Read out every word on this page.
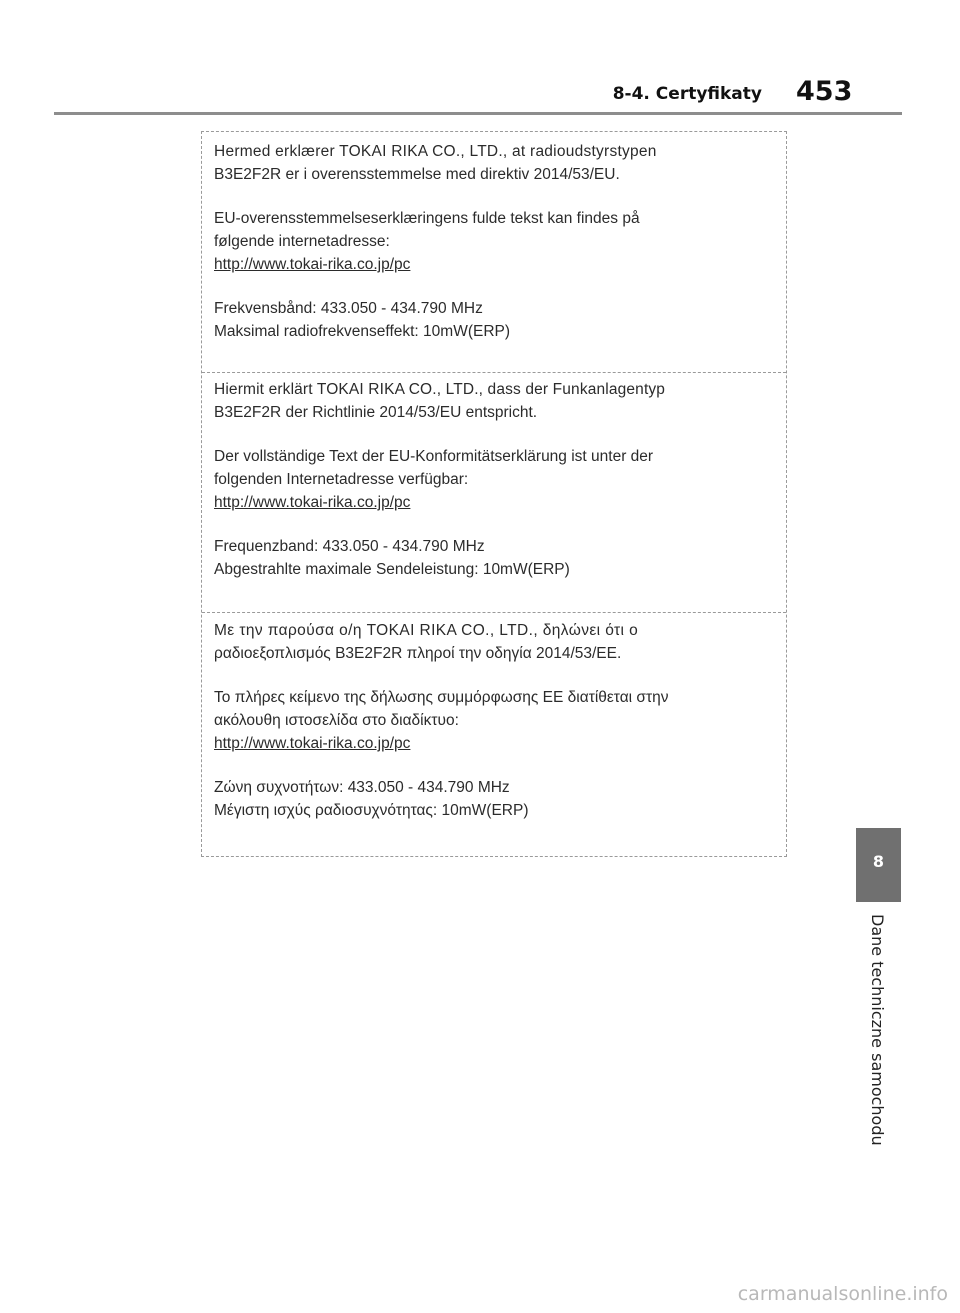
8-4. Certyfikaty 453
Hermed erklærer TOKAI RIKA CO., LTD., at radioudstyrstypen
B3E2F2R er i overensstemmelse med direktiv 2014/53/EU.
EU-overensstemmelseserklæringens fulde tekst kan findes på
følgende internetadresse:
http://www.tokai-rika.co.jp/pc
Frekvensbånd: 433.050 - 434.790 MHz
Maksimal radiofrekvenseffekt: 10mW(ERP)
Hiermit erklärt TOKAI RIKA CO., LTD., dass der Funkanlagentyp
B3E2F2R der Richtlinie 2014/53/EU entspricht.
Der vollständige Text der EU-Konformitätserklärung ist unter der
folgenden Internetadresse verfügbar:
http://www.tokai-rika.co.jp/pc
Frequenzband: 433.050 - 434.790 MHz
Abgestrahlte maximale Sendeleistung: 10mW(ERP)
Με την παρούσα ο/η TOKAI RIKA CO., LTD., δηλώνει ότι ο
ραδιοεξοπλισμός B3E2F2R πληροί την οδηγία 2014/53/ΕΕ.
Το πλήρες κείμενο της δήλωσης συμμόρφωσης ΕΕ διατίθεται στην
ακόλουθη ιστοσελίδα στο διαδίκτυο:
http://www.tokai-rika.co.jp/pc
Ζώνη συχνοτήτων: 433.050 - 434.790 MHz
Μέγιστη ισχύς ραδιοσυχνότητας: 10mW(ERP)
8
Dane techniczne samochodu
carmanualsonline.info
